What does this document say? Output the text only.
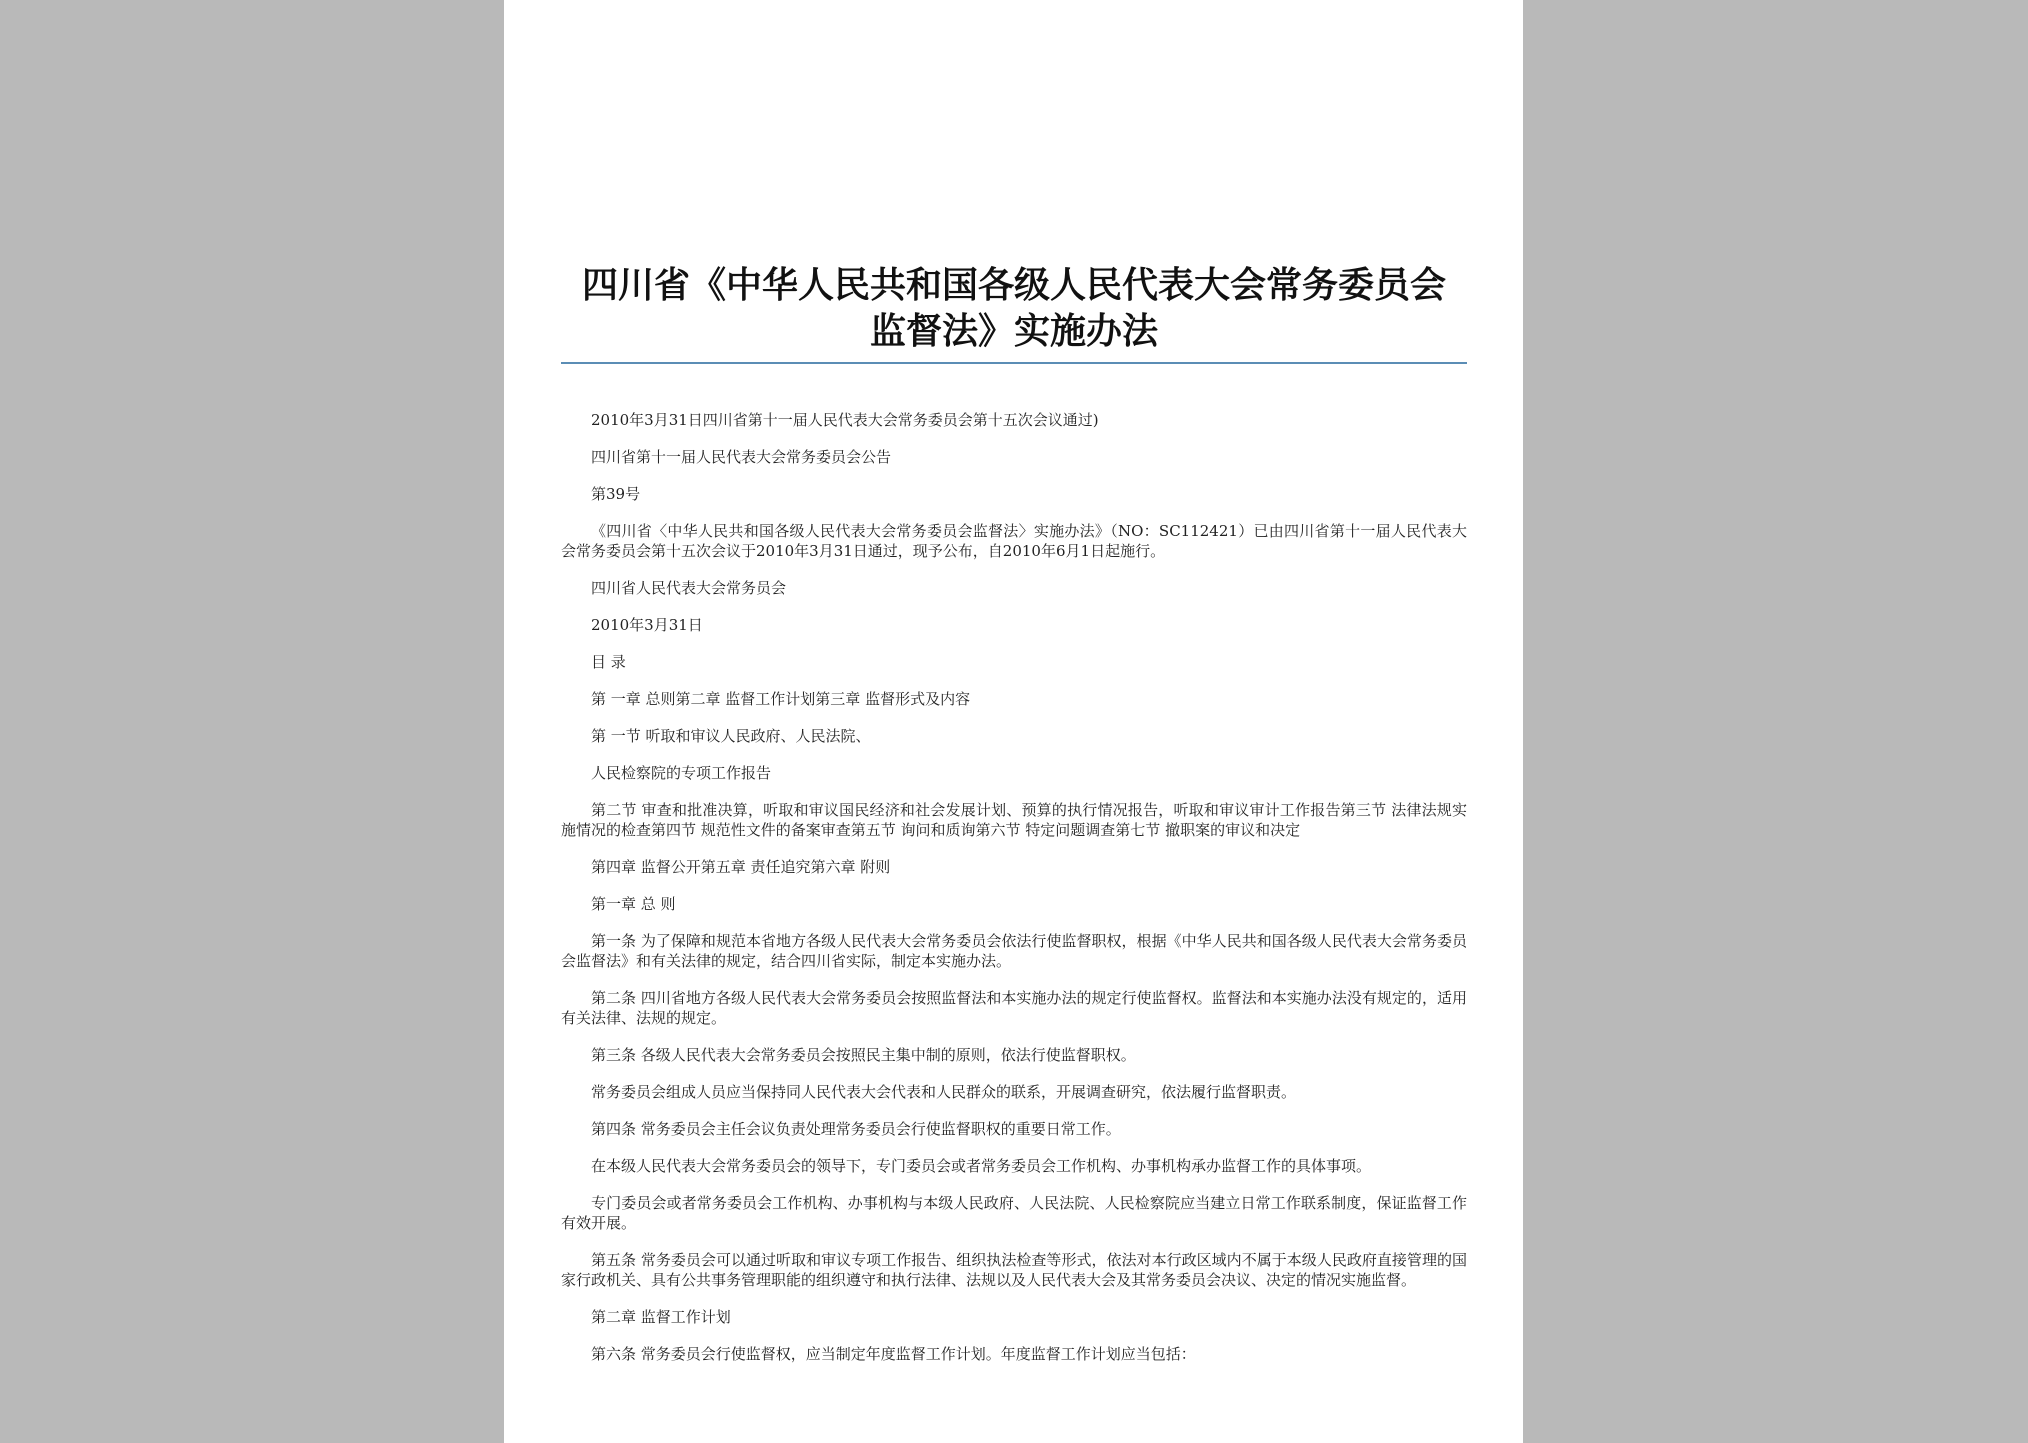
四川省《中华人民共和国各级人民代表大会常务委员会
监督法》实施办法

2010年3月31日四川省第十一届人民代表大会常务委员会第十五次会议通过)

四川省第十一届人民代表大会常务委员会公告

第39号

《四川省〈中华人民共和国各级人民代表大会常务委员会监督法〉实施办法》（NO：SC112421）已由四川省第十一届人民代表大会常务委员会第十五次会议于2010年3月31日通过，现予公布，自2010年6月1日起施行。

四川省人民代表大会常务员会

2010年3月31日

目 录

第 一章 总则第二章 监督工作计划第三章 监督形式及内容

第 一节 听取和审议人民政府、人民法院、

人民检察院的专项工作报告

第二节 审查和批准决算，听取和审议国民经济和社会发展计划、预算的执行情况报告，听取和审议审计工作报告第三节 法律法规实施情况的检查第四节 规范性文件的备案审查第五节 询问和质询第六节 特定问题调查第七节 撤职案的审议和决定

第四章 监督公开第五章 责任追究第六章 附则

第一章 总 则

第一条 为了保障和规范本省地方各级人民代表大会常务委员会依法行使监督职权，根据《中华人民共和国各级人民代表大会常务委员会监督法》和有关法律的规定，结合四川省实际，制定本实施办法。

第二条 四川省地方各级人民代表大会常务委员会按照监督法和本实施办法的规定行使监督权。监督法和本实施办法没有规定的，适用有关法律、法规的规定。

第三条 各级人民代表大会常务委员会按照民主集中制的原则，依法行使监督职权。

常务委员会组成人员应当保持同人民代表大会代表和人民群众的联系，开展调查研究，依法履行监督职责。

第四条 常务委员会主任会议负责处理常务委员会行使监督职权的重要日常工作。

在本级人民代表大会常务委员会的领导下，专门委员会或者常务委员会工作机构、办事机构承办监督工作的具体事项。

专门委员会或者常务委员会工作机构、办事机构与本级人民政府、人民法院、人民检察院应当建立日常工作联系制度，保证监督工作有效开展。

第五条 常务委员会可以通过听取和审议专项工作报告、组织执法检查等形式，依法对本行政区域内不属于本级人民政府直接管理的国家行政机关、具有公共事务管理职能的组织遵守和执行法律、法规以及人民代表大会及其常务委员会决议、决定的情况实施监督。

第二章 监督工作计划

第六条 常务委员会行使监督权，应当制定年度监督工作计划。年度监督工作计划应当包括：
